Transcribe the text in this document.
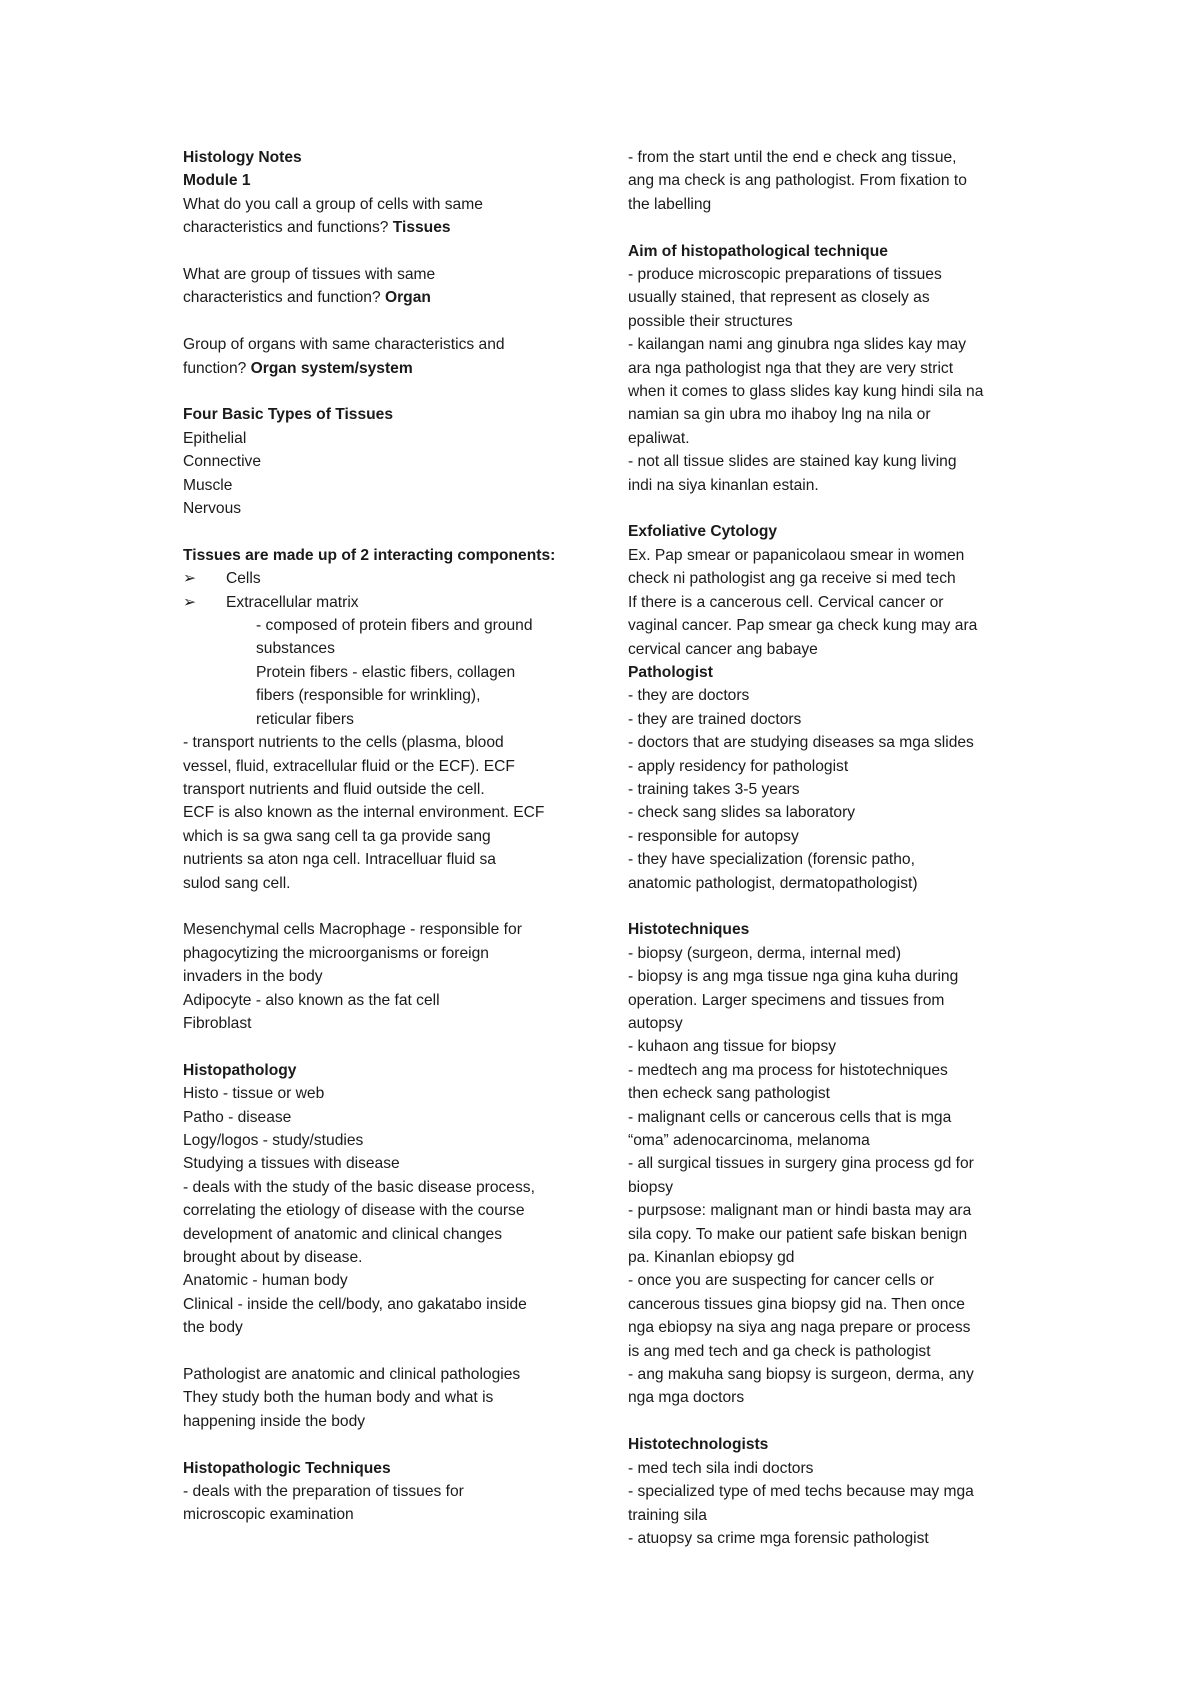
Histology Notes
Module 1
What do you call a group of cells with same
characteristics and functions? Tissues
What are group of tissues with same
characteristics and function? Organ
Group of organs with same characteristics and
function? Organ system/system
Four Basic Types of Tissues
Epithelial
Connective
Muscle
Nervous
Tissues are made up of 2 interacting components:
➢ Cells
➢ Extracellular matrix
- composed of protein fibers and ground
substances
Protein fibers - elastic fibers, collagen
fibers (responsible for wrinkling),
reticular fibers
- transport nutrients to the cells (plasma, blood
vessel, fluid, extracellular fluid or the ECF). ECF
transport nutrients and fluid outside the cell.
ECF is also known as the internal environment. ECF
which is sa gwa sang cell ta ga provide sang
nutrients sa aton nga cell. Intracelluar fluid sa
sulod sang cell.
Mesenchymal cells Macrophage - responsible for
phagocytizing the microorganisms or foreign
invaders in the body
Adipocyte - also known as the fat cell
Fibroblast
Histopathology
Histo - tissue or web
Patho - disease
Logy/logos - study/studies
Studying a tissues with disease
- deals with the study of the basic disease process,
correlating the etiology of disease with the course
development of anatomic and clinical changes
brought about by disease.
Anatomic - human body
Clinical - inside the cell/body, ano gakatabo inside
the body
Pathologist are anatomic and clinical pathologies
They study both the human body and what is
happening inside the body
Histopathologic Techniques
- deals with the preparation of tissues for
microscopic examination
- from the start until the end e check ang tissue,
ang ma check is ang pathologist. From fixation to
the labelling
Aim of histopathological technique
- produce microscopic preparations of tissues
usually stained, that represent as closely as
possible their structures
- kailangan nami ang ginubra nga slides kay may
ara nga pathologist nga that they are very strict
when it comes to glass slides kay kung hindi sila na
namian sa gin ubra mo ihaboy lng na nila or
epaliwat.
- not all tissue slides are stained kay kung living
indi na siya kinanlan estain.
Exfoliative Cytology
Ex. Pap smear or papanicolaou smear in women
check ni pathologist ang ga receive si med tech
If there is a cancerous cell. Cervical cancer or
vaginal cancer. Pap smear ga check kung may ara
cervical cancer ang babaye
Pathologist
- they are doctors
- they are trained doctors
- doctors that are studying diseases sa mga slides
- apply residency for pathologist
- training takes 3-5 years
- check sang slides sa laboratory
- responsible for autopsy
- they have specialization (forensic patho,
anatomic pathologist, dermatopathologist)
Histotechniques
- biopsy (surgeon, derma, internal med)
- biopsy is ang mga tissue nga gina kuha during
operation. Larger specimens and tissues from
autopsy
- kuhaon ang tissue for biopsy
- medtech ang ma process for histotechniques
then echeck sang pathologist
- malignant cells or cancerous cells that is mga
“oma” adenocarcinoma, melanoma
- all surgical tissues in surgery gina process gd for
biopsy
- purpsose: malignant man or hindi basta may ara
sila copy. To make our patient safe biskan benign
pa. Kinanlan ebiopsy gd
- once you are suspecting for cancer cells or
cancerous tissues gina biopsy gid na. Then once
nga ebiopsy na siya ang naga prepare or process
is ang med tech and ga check is pathologist
- ang makuha sang biopsy is surgeon, derma, any
nga mga doctors
Histotechnologists
- med tech sila indi doctors
- specialized type of med techs because may mga
training sila
- atuopsy sa crime mga forensic pathologist
